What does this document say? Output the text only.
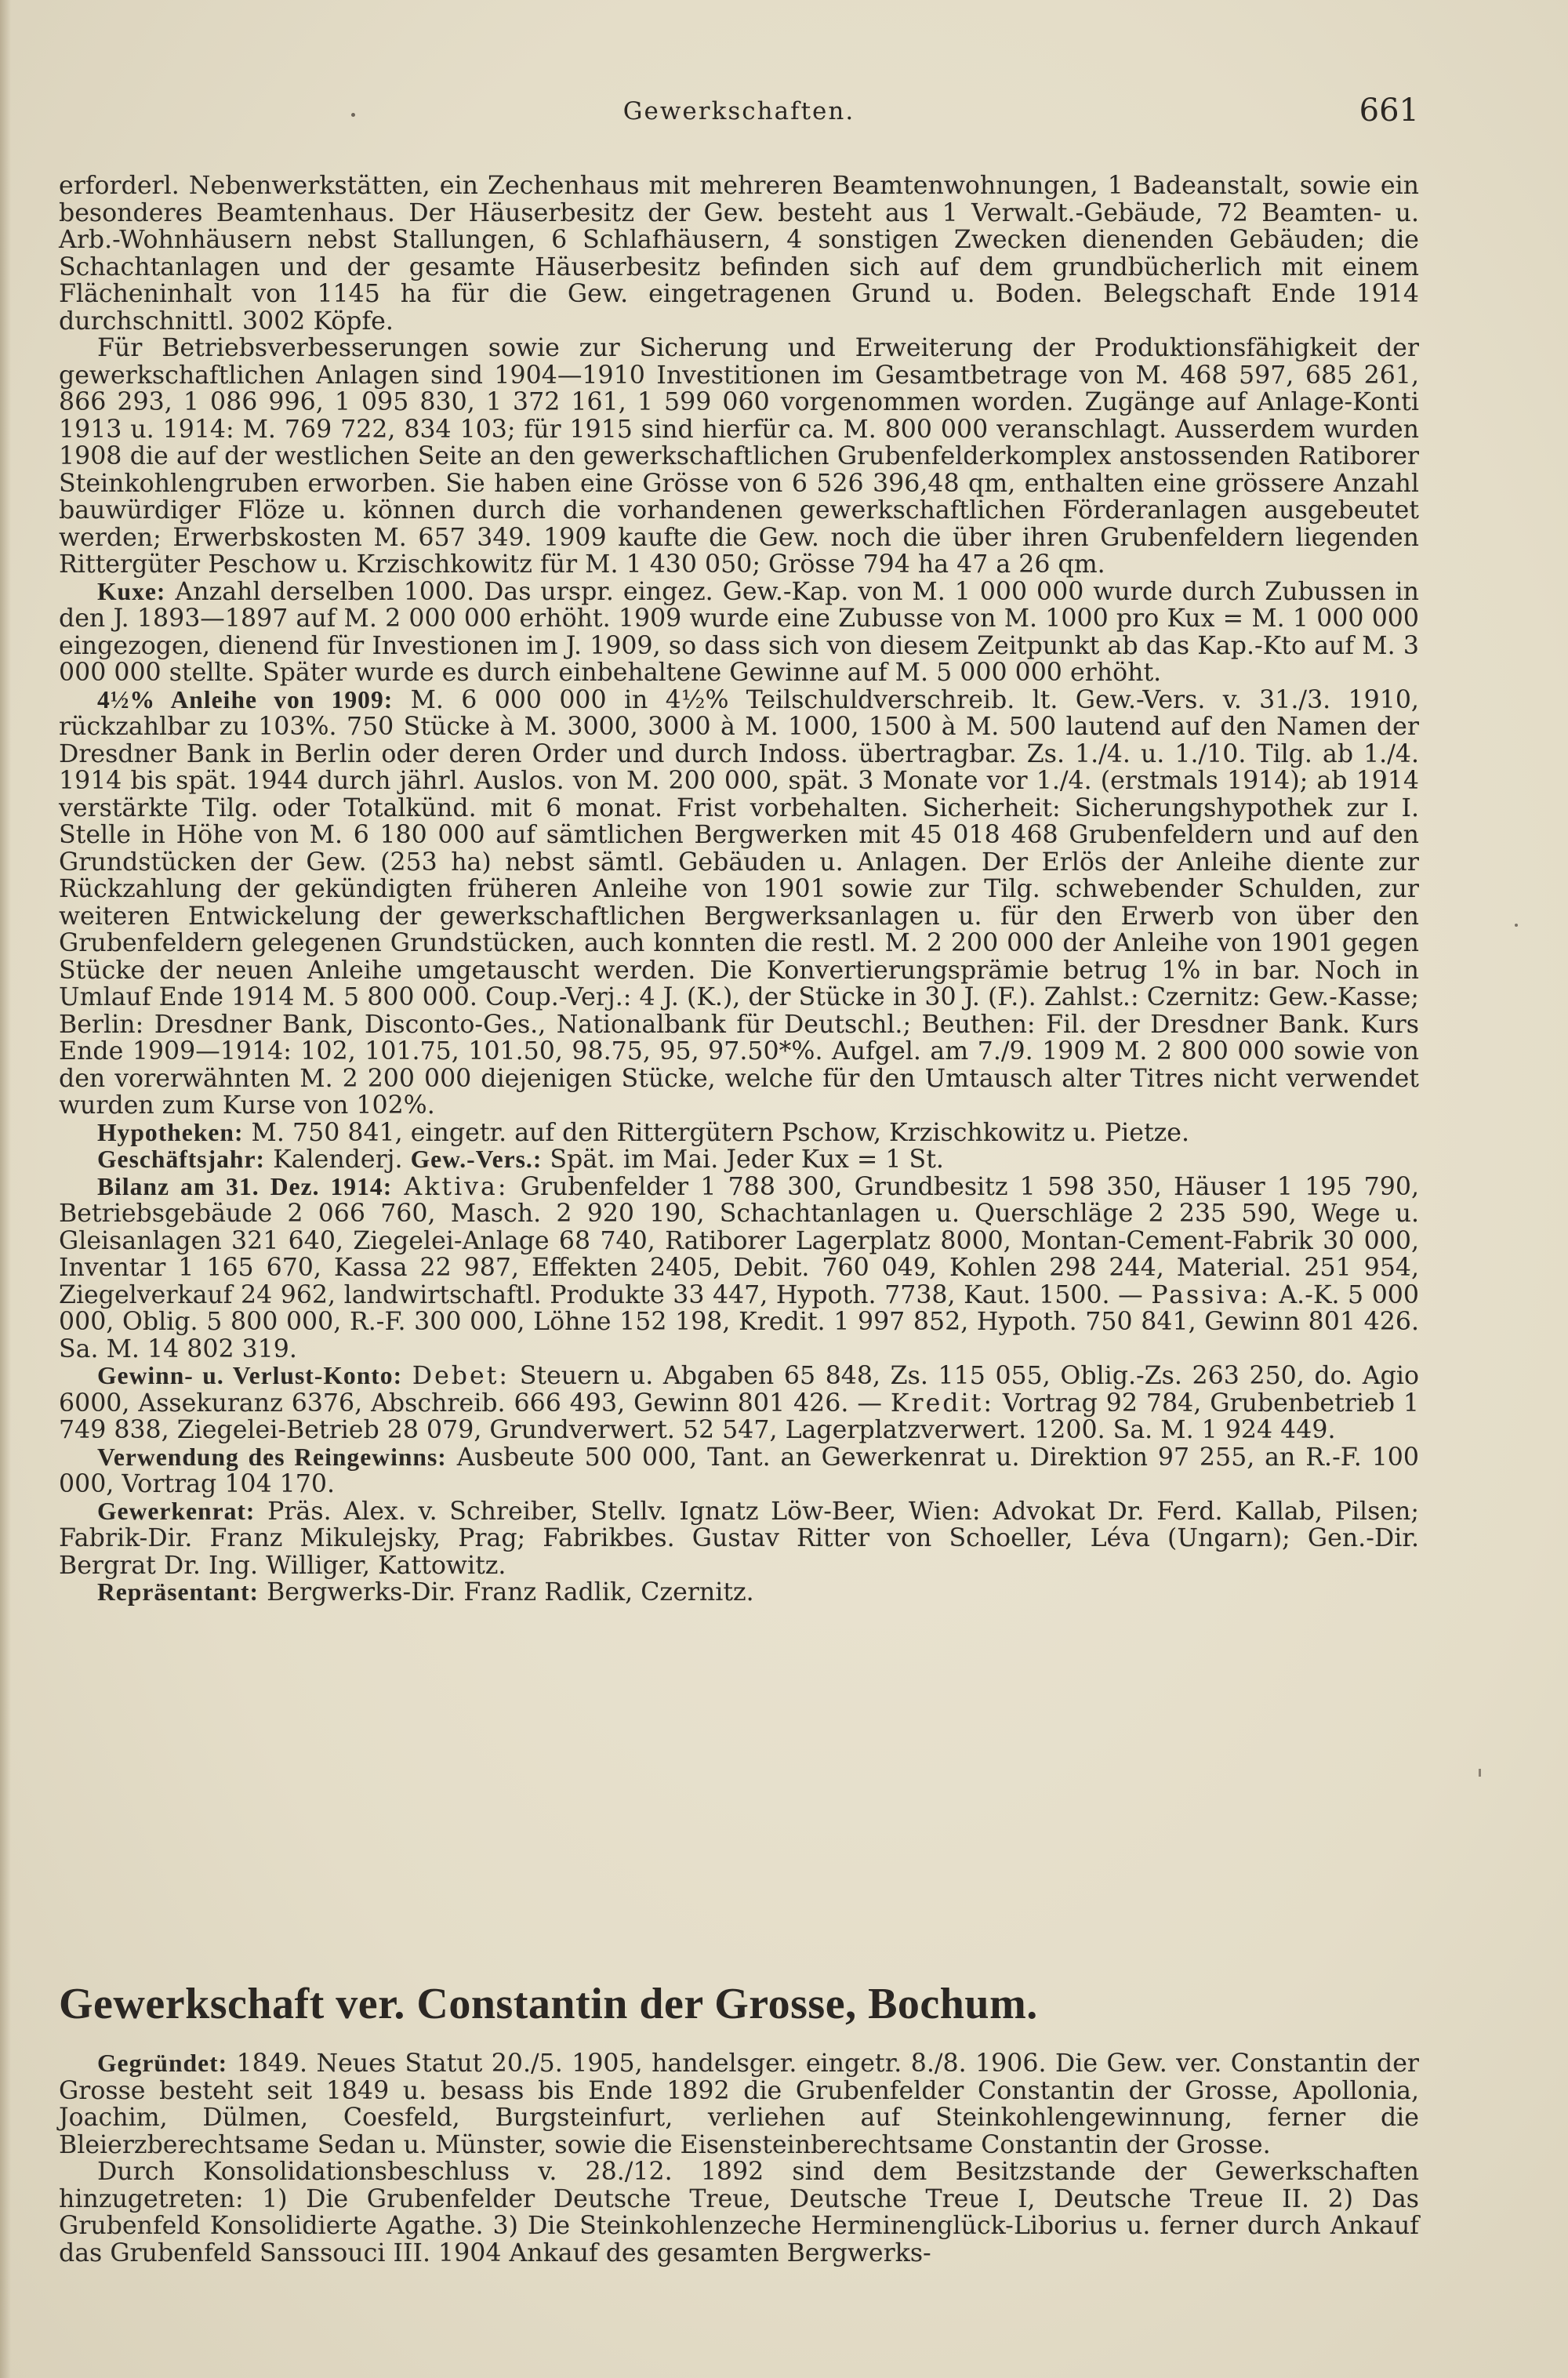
Gewerkschaften.	661

erforderl. Nebenwerkstätten, ein Zechenhaus mit mehreren Beamtenwohnungen, 1 Badeanstalt, sowie ein besonderes Beamtenhaus. Der Häuserbesitz der Gew. besteht aus 1 Verwalt.-Gebäude, 72 Beamten- u. Arb.-Wohnhäusern nebst Stallungen, 6 Schlafhäusern, 4 sonstigen Zwecken dienenden Gebäuden; die Schachtanlagen und der gesamte Häuserbesitz befinden sich auf dem grundbücherlich mit einem Flächeninhalt von 1145 ha für die Gew. eingetragenen Grund u. Boden. Belegschaft Ende 1914 durchschnittl. 3002 Köpfe.

Für Betriebsverbesserungen sowie zur Sicherung und Erweiterung der Produktionsfähigkeit der gewerkschaftlichen Anlagen sind 1904—1910 Investitionen im Gesamtbetrage von M. 468 597, 685 261, 866 293, 1 086 996, 1 095 830, 1 372 161, 1 599 060 vorgenommen worden. Zugänge auf Anlage-Konti 1913 u. 1914: M. 769 722, 834 103; für 1915 sind hierfür ca. M. 800 000 veranschlagt. Ausserdem wurden 1908 die auf der westlichen Seite an den gewerkschaftlichen Grubenfelderkomplex anstossenden Ratiborer Steinkohlengruben erworben. Sie haben eine Grösse von 6 526 396,48 qm, enthalten eine grössere Anzahl bauwürdiger Flöze u. können durch die vorhandenen gewerkschaftlichen Förderanlagen ausgebeutet werden; Erwerbskosten M. 657 349. 1909 kaufte die Gew. noch die über ihren Grubenfeldern liegenden Rittergüter Peschow u. Krzischkowitz für M. 1 430 050; Grösse 794 ha 47 a 26 qm.

Kuxe: Anzahl derselben 1000. Das urspr. eingez. Gew.-Kap. von M. 1 000 000 wurde durch Zubussen in den J. 1893—1897 auf M. 2 000 000 erhöht. 1909 wurde eine Zubusse von M. 1000 pro Kux = M. 1 000 000 eingezogen, dienend für Investionen im J. 1909, so dass sich von diesem Zeitpunkt ab das Kap.-Kto auf M. 3 000 000 stellte. Später wurde es durch einbehaltene Gewinne auf M. 5 000 000 erhöht.

4½% Anleihe von 1909: M. 6 000 000 in 4½% Teilschuldverschreib. lt. Gew.-Vers. v. 31./3. 1910, rückzahlbar zu 103%. 750 Stücke à M. 3000, 3000 à M. 1000, 1500 à M. 500 lautend auf den Namen der Dresdner Bank in Berlin oder deren Order und durch Indoss. übertragbar. Zs. 1./4. u. 1./10. Tilg. ab 1./4. 1914 bis spät. 1944 durch jährl. Auslos. von M. 200 000, spät. 3 Monate vor 1./4. (erstmals 1914); ab 1914 verstärkte Tilg. oder Totalkünd. mit 6 monat. Frist vorbehalten. Sicherheit: Sicherungshypothek zur I. Stelle in Höhe von M. 6 180 000 auf sämtlichen Bergwerken mit 45 018 468 Grubenfeldern und auf den Grundstücken der Gew. (253 ha) nebst sämtl. Gebäuden u. Anlagen. Der Erlös der Anleihe diente zur Rückzahlung der gekündigten früheren Anleihe von 1901 sowie zur Tilg. schwebender Schulden, zur weiteren Entwickelung der gewerkschaftlichen Bergwerksanlagen u. für den Erwerb von über den Grubenfeldern gelegenen Grundstücken, auch konnten die restl. M. 2 200 000 der Anleihe von 1901 gegen Stücke der neuen Anleihe umgetauscht werden. Die Konvertierungsprämie betrug 1% in bar. Noch in Umlauf Ende 1914 M. 5 800 000. Coup.-Verj.: 4 J. (K.), der Stücke in 30 J. (F.). Zahlst.: Czernitz: Gew.-Kasse; Berlin: Dresdner Bank, Disconto-Ges., Nationalbank für Deutschl.; Beuthen: Fil. der Dresdner Bank. Kurs Ende 1909—1914: 102, 101.75, 101.50, 98.75, 95, 97.50*%. Aufgel. am 7./9. 1909 M. 2 800 000 sowie von den vorerwähnten M. 2 200 000 diejenigen Stücke, welche für den Umtausch alter Titres nicht verwendet wurden zum Kurse von 102%.

Hypotheken: M. 750 841, eingetr. auf den Rittergütern Pschow, Krzischkowitz u. Pietze.

Geschäftsjahr: Kalenderj. Gew.-Vers.: Spät. im Mai. Jeder Kux = 1 St.

Bilanz am 31. Dez. 1914: Aktiva: Grubenfelder 1 788 300, Grundbesitz 1 598 350, Häuser 1 195 790, Betriebsgebäude 2 066 760, Masch. 2 920 190, Schachtanlagen u. Querschläge 2 235 590, Wege u. Gleisanlagen 321 640, Ziegelei-Anlage 68 740, Ratiborer Lagerplatz 8000, Montan-Cement-Fabrik 30 000, Inventar 1 165 670, Kassa 22 987, Effekten 2405, Debit. 760 049, Kohlen 298 244, Material. 251 954, Ziegelverkauf 24 962, landwirtschaftl. Produkte 33 447, Hypoth. 7738, Kaut. 1500. — Passiva: A.-K. 5 000 000, Oblig. 5 800 000, R.-F. 300 000, Löhne 152 198, Kredit. 1 997 852, Hypoth. 750 841, Gewinn 801 426. Sa. M. 14 802 319.

Gewinn- u. Verlust-Konto: Debet: Steuern u. Abgaben 65 848, Zs. 115 055, Oblig.-Zs. 263 250, do. Agio 6000, Assekuranz 6376, Abschreib. 666 493, Gewinn 801 426. — Kredit: Vortrag 92 784, Grubenbetrieb 1 749 838, Ziegelei-Betrieb 28 079, Grundverwert. 52 547, Lagerplatzverwert. 1200. Sa. M. 1 924 449.

Verwendung des Reingewinns: Ausbeute 500 000, Tant. an Gewerkenrat u. Direktion 97 255, an R.-F. 100 000, Vortrag 104 170.

Gewerkenrat: Präs. Alex. v. Schreiber, Stellv. Ignatz Löw-Beer, Wien: Advokat Dr. Ferd. Kallab, Pilsen; Fabrik-Dir. Franz Mikulejsky, Prag; Fabrikbes. Gustav Ritter von Schoeller, Léva (Ungarn); Gen.-Dir. Bergrat Dr. Ing. Williger, Kattowitz.

Repräsentant: Bergwerks-Dir. Franz Radlik, Czernitz.

Gewerkschaft ver. Constantin der Grosse, Bochum.

Gegründet: 1849. Neues Statut 20./5. 1905, handelsger. eingetr. 8./8. 1906. Die Gew. ver. Constantin der Grosse besteht seit 1849 u. besass bis Ende 1892 die Grubenfelder Constantin der Grosse, Apollonia, Joachim, Dülmen, Coesfeld, Burgsteinfurt, verliehen auf Steinkohlengewinnung, ferner die Bleierzberechtsame Sedan u. Münster, sowie die Eisensteinberechtsame Constantin der Grosse.

Durch Konsolidationsbeschluss v. 28./12. 1892 sind dem Besitzstande der Gewerkschaften hinzugetreten: 1) Die Grubenfelder Deutsche Treue, Deutsche Treue I, Deutsche Treue II. 2) Das Grubenfeld Konsolidierte Agathe. 3) Die Steinkohlenzeche Herminenglück-Liborius u. ferner durch Ankauf das Grubenfeld Sanssouci III. 1904 Ankauf des gesamten Bergwerks-
